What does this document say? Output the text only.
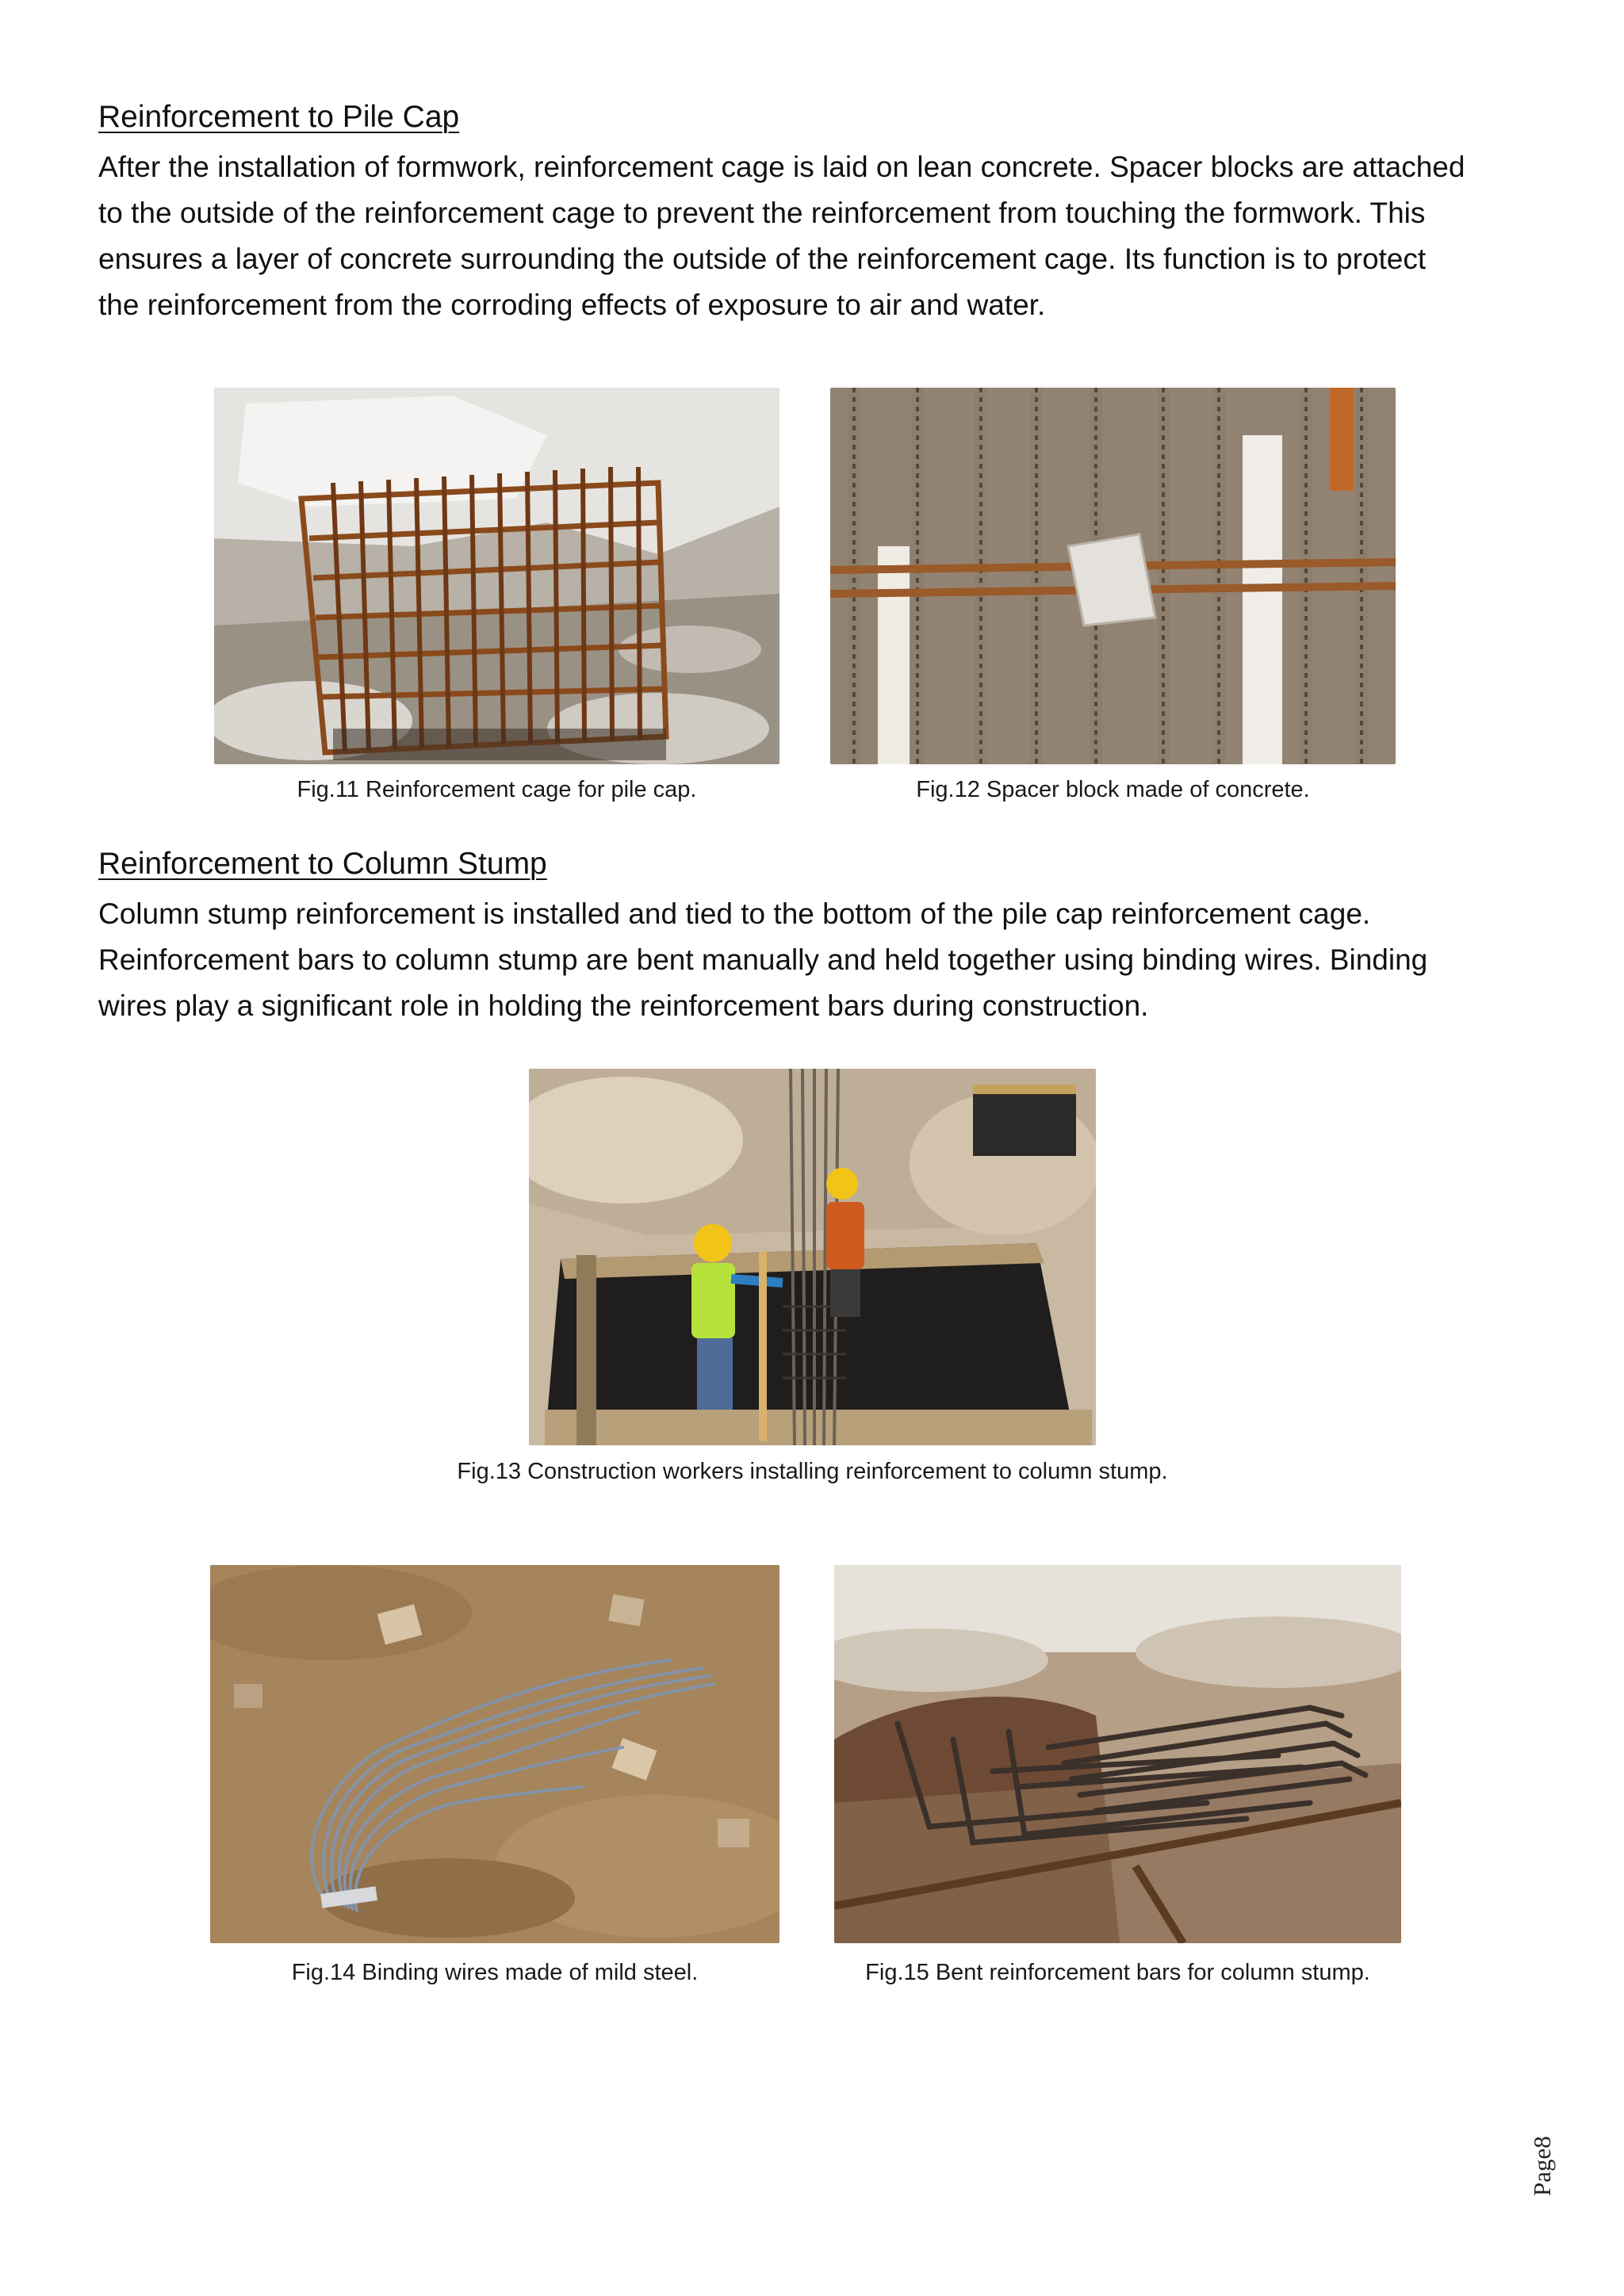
Reinforcement to Pile Cap

After the installation of formwork, reinforcement cage is laid on lean concrete. Spacer blocks are attached
to the outside of the reinforcement cage to prevent the reinforcement from touching the formwork. This
ensures a layer of concrete surrounding the outside of the reinforcement cage. Its function is to protect
the reinforcement from the corroding effects of exposure to air and water.

Fig.11 Reinforcement cage for pile cap.	Fig.12 Spacer block made of concrete.
Reinforcement to Column Stump

Column stump reinforcement is installed and tied to the bottom of the pile cap reinforcement cage.
Reinforcement bars to column stump are bent manually and held together using binding wires. Binding
wires play a significant role in holding the reinforcement bars during construction.

Fig.13 Construction workers installing reinforcement to column stump.
Fig.14 Binding wires made of mild steel.	Fig.15 Bent reinforcement bars for column stump.
Page8
